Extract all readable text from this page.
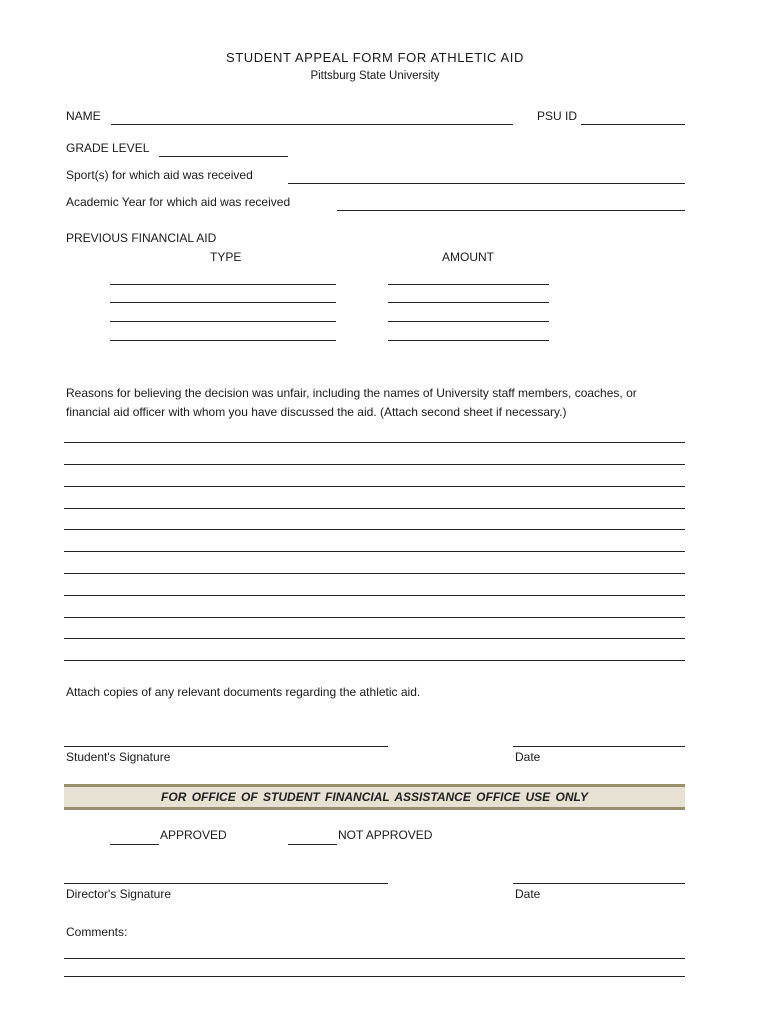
STUDENT APPEAL FORM FOR ATHLETIC AID
Pittsburg State University
NAME	PSU ID
GRADE LEVEL
Sport(s) for which aid was received
Academic Year for which aid was received
PREVIOUS FINANCIAL AID
TYPE	AMOUNT
Reasons for believing the decision was unfair, including the names of University staff members, coaches, or
financial aid officer with whom you have discussed the aid. (Attach second sheet if necessary.)
Attach copies of any relevant documents regarding the athletic aid.
Student's Signature	Date
FOR OFFICE OF STUDENT FINANCIAL ASSISTANCE OFFICE USE ONLY
APPROVED	NOT APPROVED
Director's Signature	Date
Comments:
